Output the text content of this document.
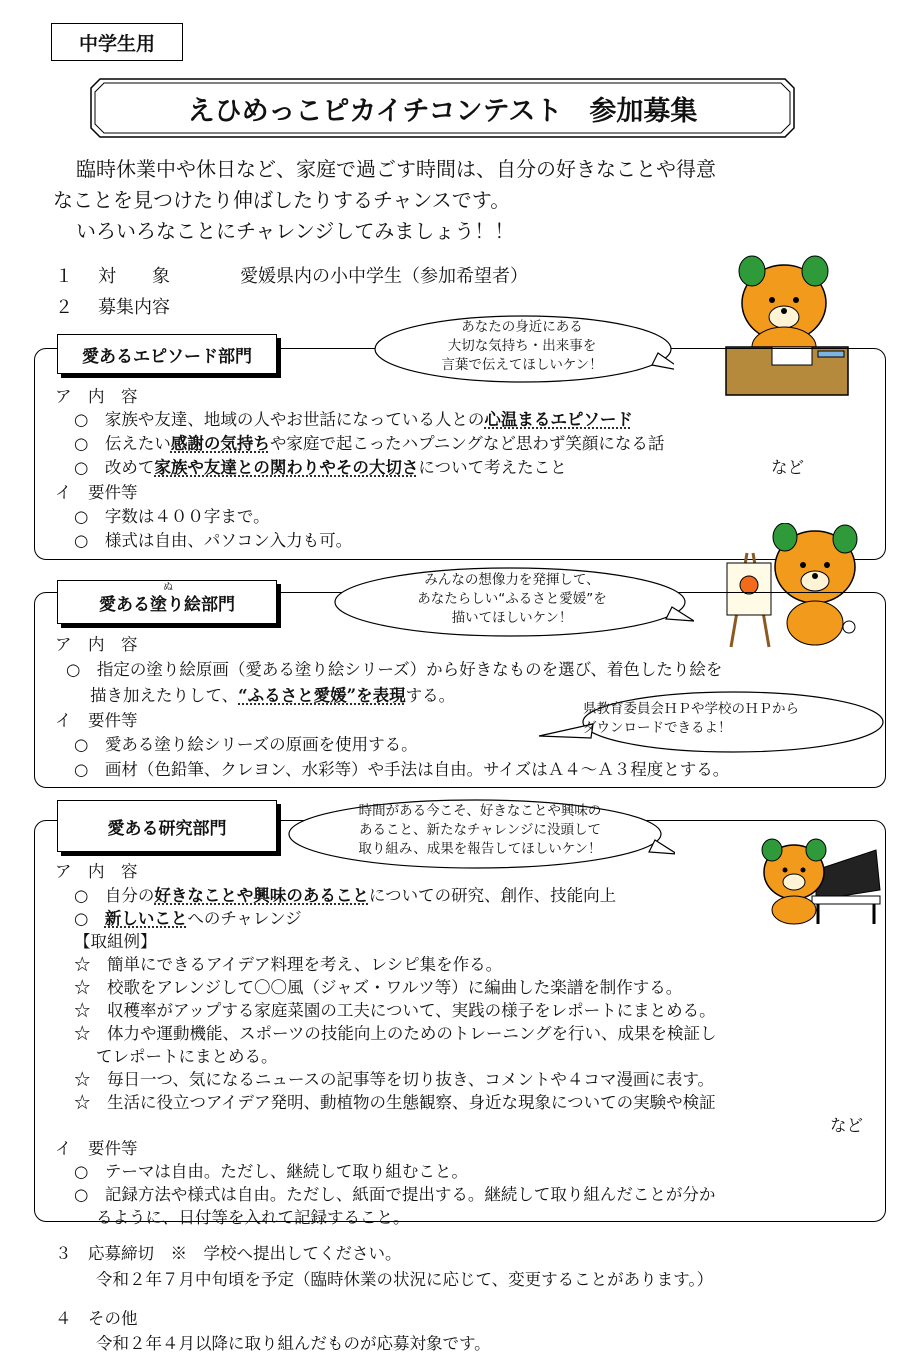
中学生用
えひめっこピカイチコンテスト　参加募集
臨時休業中や休日など、家庭で過ごす時間は、自分の好きなことや得意
なことを見つけたり伸ばしたりするチャンスです。
いろいろなことにチャレンジしてみましょう！！
１ 対　　象	愛媛県内の小中学生（参加希望者）
２ 募集内容
愛あるエピソード部門
あなたの身近にある
大切な気持ち・出来事を
言葉で伝えてほしいケン！
ア　内　容
○　家族や友達、地域の人やお世話になっている人との心温まるエピソード
○　伝えたい感謝の気持ちや家庭で起こったハプニングなど思わず笑顔になる話
○　改めて家族や友達との関わりやその大切さについて考えたこと	など
イ　要件等
○　字数は４００字まで。
○　様式は自由、パソコン入力も可。
ぬ
愛ある塗り絵部門
みんなの想像力を発揮して、
あなたらしい“ふるさと愛媛”を
描いてほしいケン！
ア　内　容
○　指定の塗り絵原画（愛ある塗り絵シリーズ）から好きなものを選び、着色したり絵を
描き加えたりして、“ふるさと愛媛”を表現する。
イ　要件等
○　愛ある塗り絵シリーズの原画を使用する。
○　画材（色鉛筆、クレヨン、水彩等）や手法は自由。サイズはＡ４～Ａ３程度とする。
県教育委員会ＨＰや学校のＨＰから
ダウンロードできるよ！
愛ある研究部門
時間がある今こそ、好きなことや興味の
あること、新たなチャレンジに没頭して
取り組み、成果を報告してほしいケン！
ア　内　容
○　自分の好きなことや興味のあることについての研究、創作、技能向上
○　新しいことへのチャレンジ
【取組例】
☆　簡単にできるアイデア料理を考え、レシピ集を作る。
☆　校歌をアレンジして〇〇風（ジャズ・ワルツ等）に編曲した楽譜を制作する。
☆　収穫率がアップする家庭菜園の工夫について、実践の様子をレポートにまとめる。
☆　体力や運動機能、スポーツの技能向上のためのトレーニングを行い、成果を検証し
てレポートにまとめる。
☆　毎日一つ、気になるニュースの記事等を切り抜き、コメントや４コマ漫画に表す。
☆　生活に役立つアイデア発明、動植物の生態観察、身近な現象についての実験や検証
など
イ　要件等
○　テーマは自由。ただし、継続して取り組むこと。
○　記録方法や様式は自由。ただし、紙面で提出する。継続して取り組んだことが分か
るように、日付等を入れて記録すること。
３　応募締切　※　学校へ提出してください。
令和２年７月中旬頃を予定（臨時休業の状況に応じて、変更することがあります。）
４　その他
令和２年４月以降に取り組んだものが応募対象です。
